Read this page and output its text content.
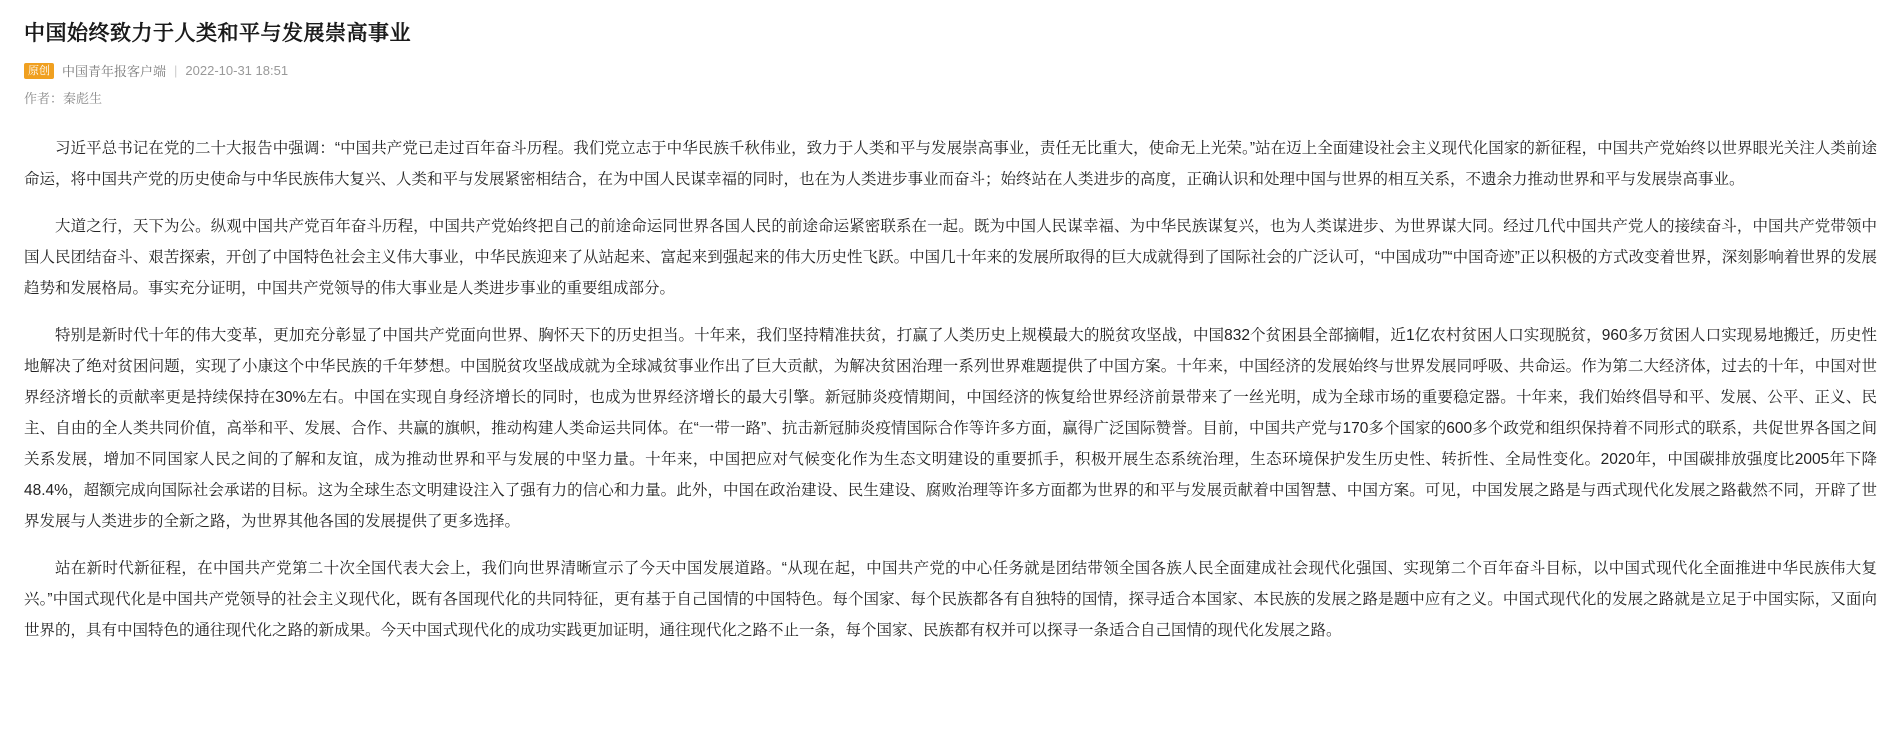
中国始终致力于人类和平与发展崇高事业
原创 中国青年报客户端 | 2022-10-31 18:51
作者：秦彪生

习近平总书记在党的二十大报告中强调：“中国共产党已走过百年奋斗历程。我们党立志于中华民族千秋伟业，致力于人类和平与发展崇高事业，责任无比重大，使命无上光荣。”站在迈上全面建设社会主义现代化国家的新征程，中国共产党始终以世界眼光关注人类前途命运，将中国共产党的历史使命与中华民族伟大复兴、人类和平与发展紧密相结合，在为中国人民谋幸福的同时，也在为人类进步事业而奋斗；始终站在人类进步的高度，正确认识和处理中国与世界的相互关系，不遗余力推动世界和平与发展崇高事业。

大道之行，天下为公。纵观中国共产党百年奋斗历程，中国共产党始终把自己的前途命运同世界各国人民的前途命运紧密联系在一起。既为中国人民谋幸福、为中华民族谋复兴，也为人类谋进步、为世界谋大同。经过几代中国共产党人的接续奋斗，中国共产党带领中国人民团结奋斗、艰苦探索，开创了中国特色社会主义伟大事业，中华民族迎来了从站起来、富起来到强起来的伟大历史性飞跃。中国几十年来的发展所取得的巨大成就得到了国际社会的广泛认可，“中国成功”“中国奇迹”正以积极的方式改变着世界，深刻影响着世界的发展趋势和发展格局。事实充分证明，中国共产党领导的伟大事业是人类进步事业的重要组成部分。

特别是新时代十年的伟大变革，更加充分彰显了中国共产党面向世界、胸怀天下的历史担当。十年来，我们坚持精准扶贫，打赢了人类历史上规模最大的脱贫攻坚战，中国832个贫困县全部摘帽，近1亿农村贫困人口实现脱贫，960多万贫困人口实现易地搬迁，历史性地解决了绝对贫困问题，实现了小康这个中华民族的千年梦想。中国脱贫攻坚战成就为全球减贫事业作出了巨大贡献，为解决贫困治理一系列世界难题提供了中国方案。十年来，中国经济的发展始终与世界发展同呼吸、共命运。作为第二大经济体，过去的十年，中国对世界经济增长的贡献率更是持续保持在30%左右。中国在实现自身经济增长的同时，也成为世界经济增长的最大引擎。新冠肺炎疫情期间，中国经济的恢复给世界经济前景带来了一丝光明，成为全球市场的重要稳定器。十年来，我们始终倡导和平、发展、公平、正义、民主、自由的全人类共同价值，高举和平、发展、合作、共赢的旗帜，推动构建人类命运共同体。在“一带一路”、抗击新冠肺炎疫情国际合作等许多方面，赢得广泛国际赞誉。目前，中国共产党与170多个国家的600多个政党和组织保持着不同形式的联系，共促世界各国之间关系发展，增加不同国家人民之间的了解和友谊，成为推动世界和平与发展的中坚力量。十年来，中国把应对气候变化作为生态文明建设的重要抓手，积极开展生态系统治理，生态环境保护发生历史性、转折性、全局性变化。2020年，中国碳排放强度比2005年下降48.4%，超额完成向国际社会承诺的目标。这为全球生态文明建设注入了强有力的信心和力量。此外，中国在政治建设、民生建设、腐败治理等许多方面都为世界的和平与发展贡献着中国智慧、中国方案。可见，中国发展之路是与西式现代化发展之路截然不同，开辟了世界发展与人类进步的全新之路，为世界其他各国的发展提供了更多选择。

站在新时代新征程，在中国共产党第二十次全国代表大会上，我们向世界清晰宣示了今天中国发展道路。“从现在起，中国共产党的中心任务就是团结带领全国各族人民全面建成社会现代化强国、实现第二个百年奋斗目标，以中国式现代化全面推进中华民族伟大复兴。”中国式现代化是中国共产党领导的社会主义现代化，既有各国现代化的共同特征，更有基于自己国情的中国特色。每个国家、每个民族都各有自独特的国情，探寻适合本国家、本民族的发展之路是题中应有之义。中国式现代化的发展之路就是立足于中国实际，又面向世界的，具有中国特色的通往现代化之路的新成果。今天中国式现代化的成功实践更加证明，通往现代化之路不止一条，每个国家、民族都有权并可以探寻一条适合自己国情的现代化发展之路。
